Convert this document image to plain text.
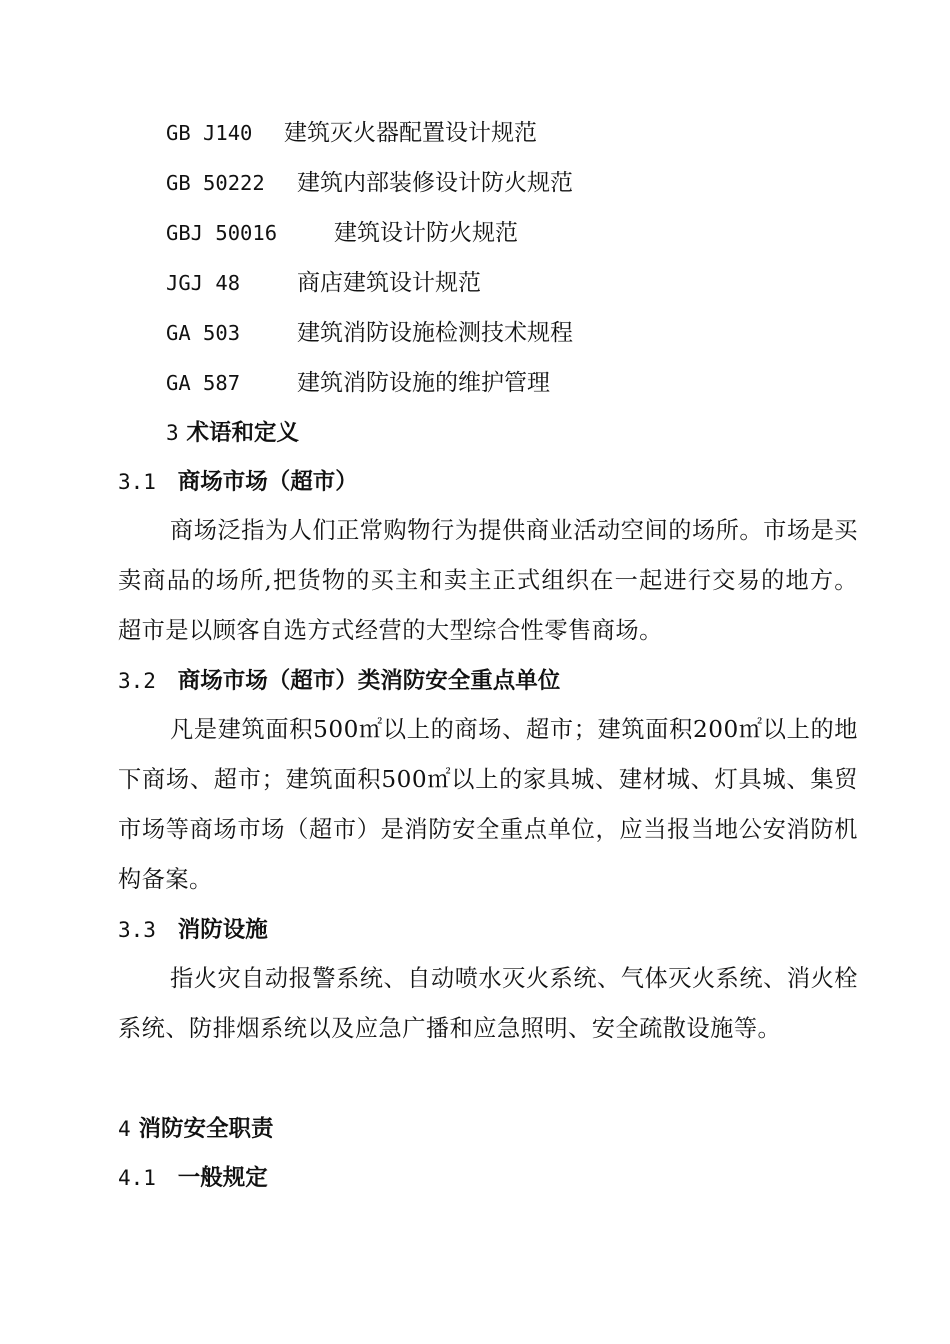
GB J140 建筑灭火器配置设计规范
GB 50222 建筑内部装修设计防火规范
GBJ 50016 建筑设计防火规范
JGJ 48 商店建筑设计规范
GA 503 建筑消防设施检测技术规程
GA 587 建筑消防设施的维护管理
3 术语和定义
3.1 商场市场（超市）

商场泛指为人们正常购物行为提供商业活动空间的场所。市场是买卖商品的场所,把货物的买主和卖主正式组织在一起进行交易的地方。超市是以顾客自选方式经营的大型综合性零售商场。

3.2 商场市场（超市）类消防安全重点单位

凡是建筑面积500㎡以上的商场、超市；建筑面积200㎡以上的地下商场、超市；建筑面积500㎡以上的家具城、建材城、灯具城、集贸市场等商场市场（超市）是消防安全重点单位，应当报当地公安消防机构备案。

3.3 消防设施

指火灾自动报警系统、自动喷水灭火系统、气体灭火系统、消火栓系统、防排烟系统以及应急广播和应急照明、安全疏散设施等。

4 消防安全职责
4.1 一般规定
